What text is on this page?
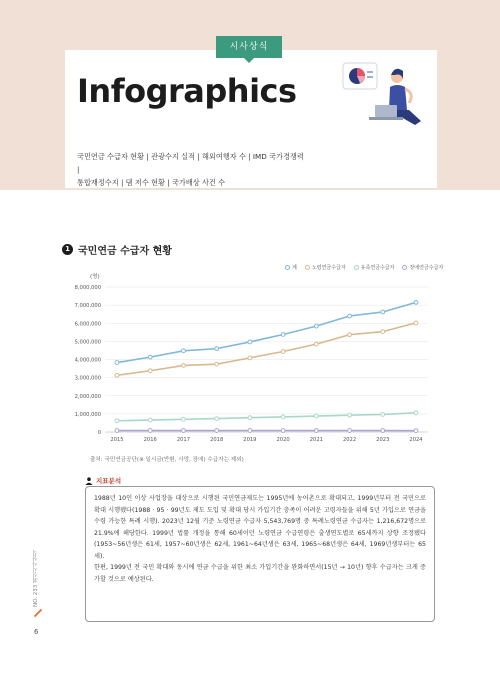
시사상식
Infographics
국민연금 수급자 현황 | 관광수지 실적 | 해외여행자 수 | IMD 국가경쟁력 |
통합재정수지 | 댐 저수 현황 | 국가배상 사건 수
1 국민연금 수급자 현황
계	노령연금수급자	유족연금수급자	장애연금수급자
(명)
8,000,000
7,000,000
6,000,000
5,000,000
4,000,000
3,000,000
2,000,000
1,000,000
0
2015	2016	2017	2018	2019	2020	2021	2022	2023	2024
출처: 국민연금공단(※ 일시금(반환, 사망, 장애) 수급자는 제외)
지표분석

1988년 10인 이상 사업장을 대상으로 시행된 국민연금제도는 1995년에 농어촌으로 확대되고, 1999년부터 전 국민으로 확대 시행됐다(1988 · 95 · 99년도 제도 도입 및 확대 당시 가입기간 충족이 어려운 고령자들을 위해 5년 가입으로 연금을 수령 가능한 특례 시행). 2023년 12월 기준 노령연금 수급자 5,543,769명 중 특례노령연금 수급자는 1,216,672명으로 21.9%에 해당한다. 1999년 법률 개정을 통해 60세이던 노령연금 수급연령은 출생연도별로 65세까지 상향 조정됐다(1953~56년생은 61세, 1957~60년생은 62세, 1961~64년생은 63세, 1965~68년생은 64세, 1969년생부터는 65세).

한편, 1999년 전 국민 확대와 동시에 연금 수급을 위한 최소 가입기간을 완화하면서(15년 → 10년) 향후 수급자는 크게 증가할 것으로 예상된다.

NO. 233 최신시사상식
6
